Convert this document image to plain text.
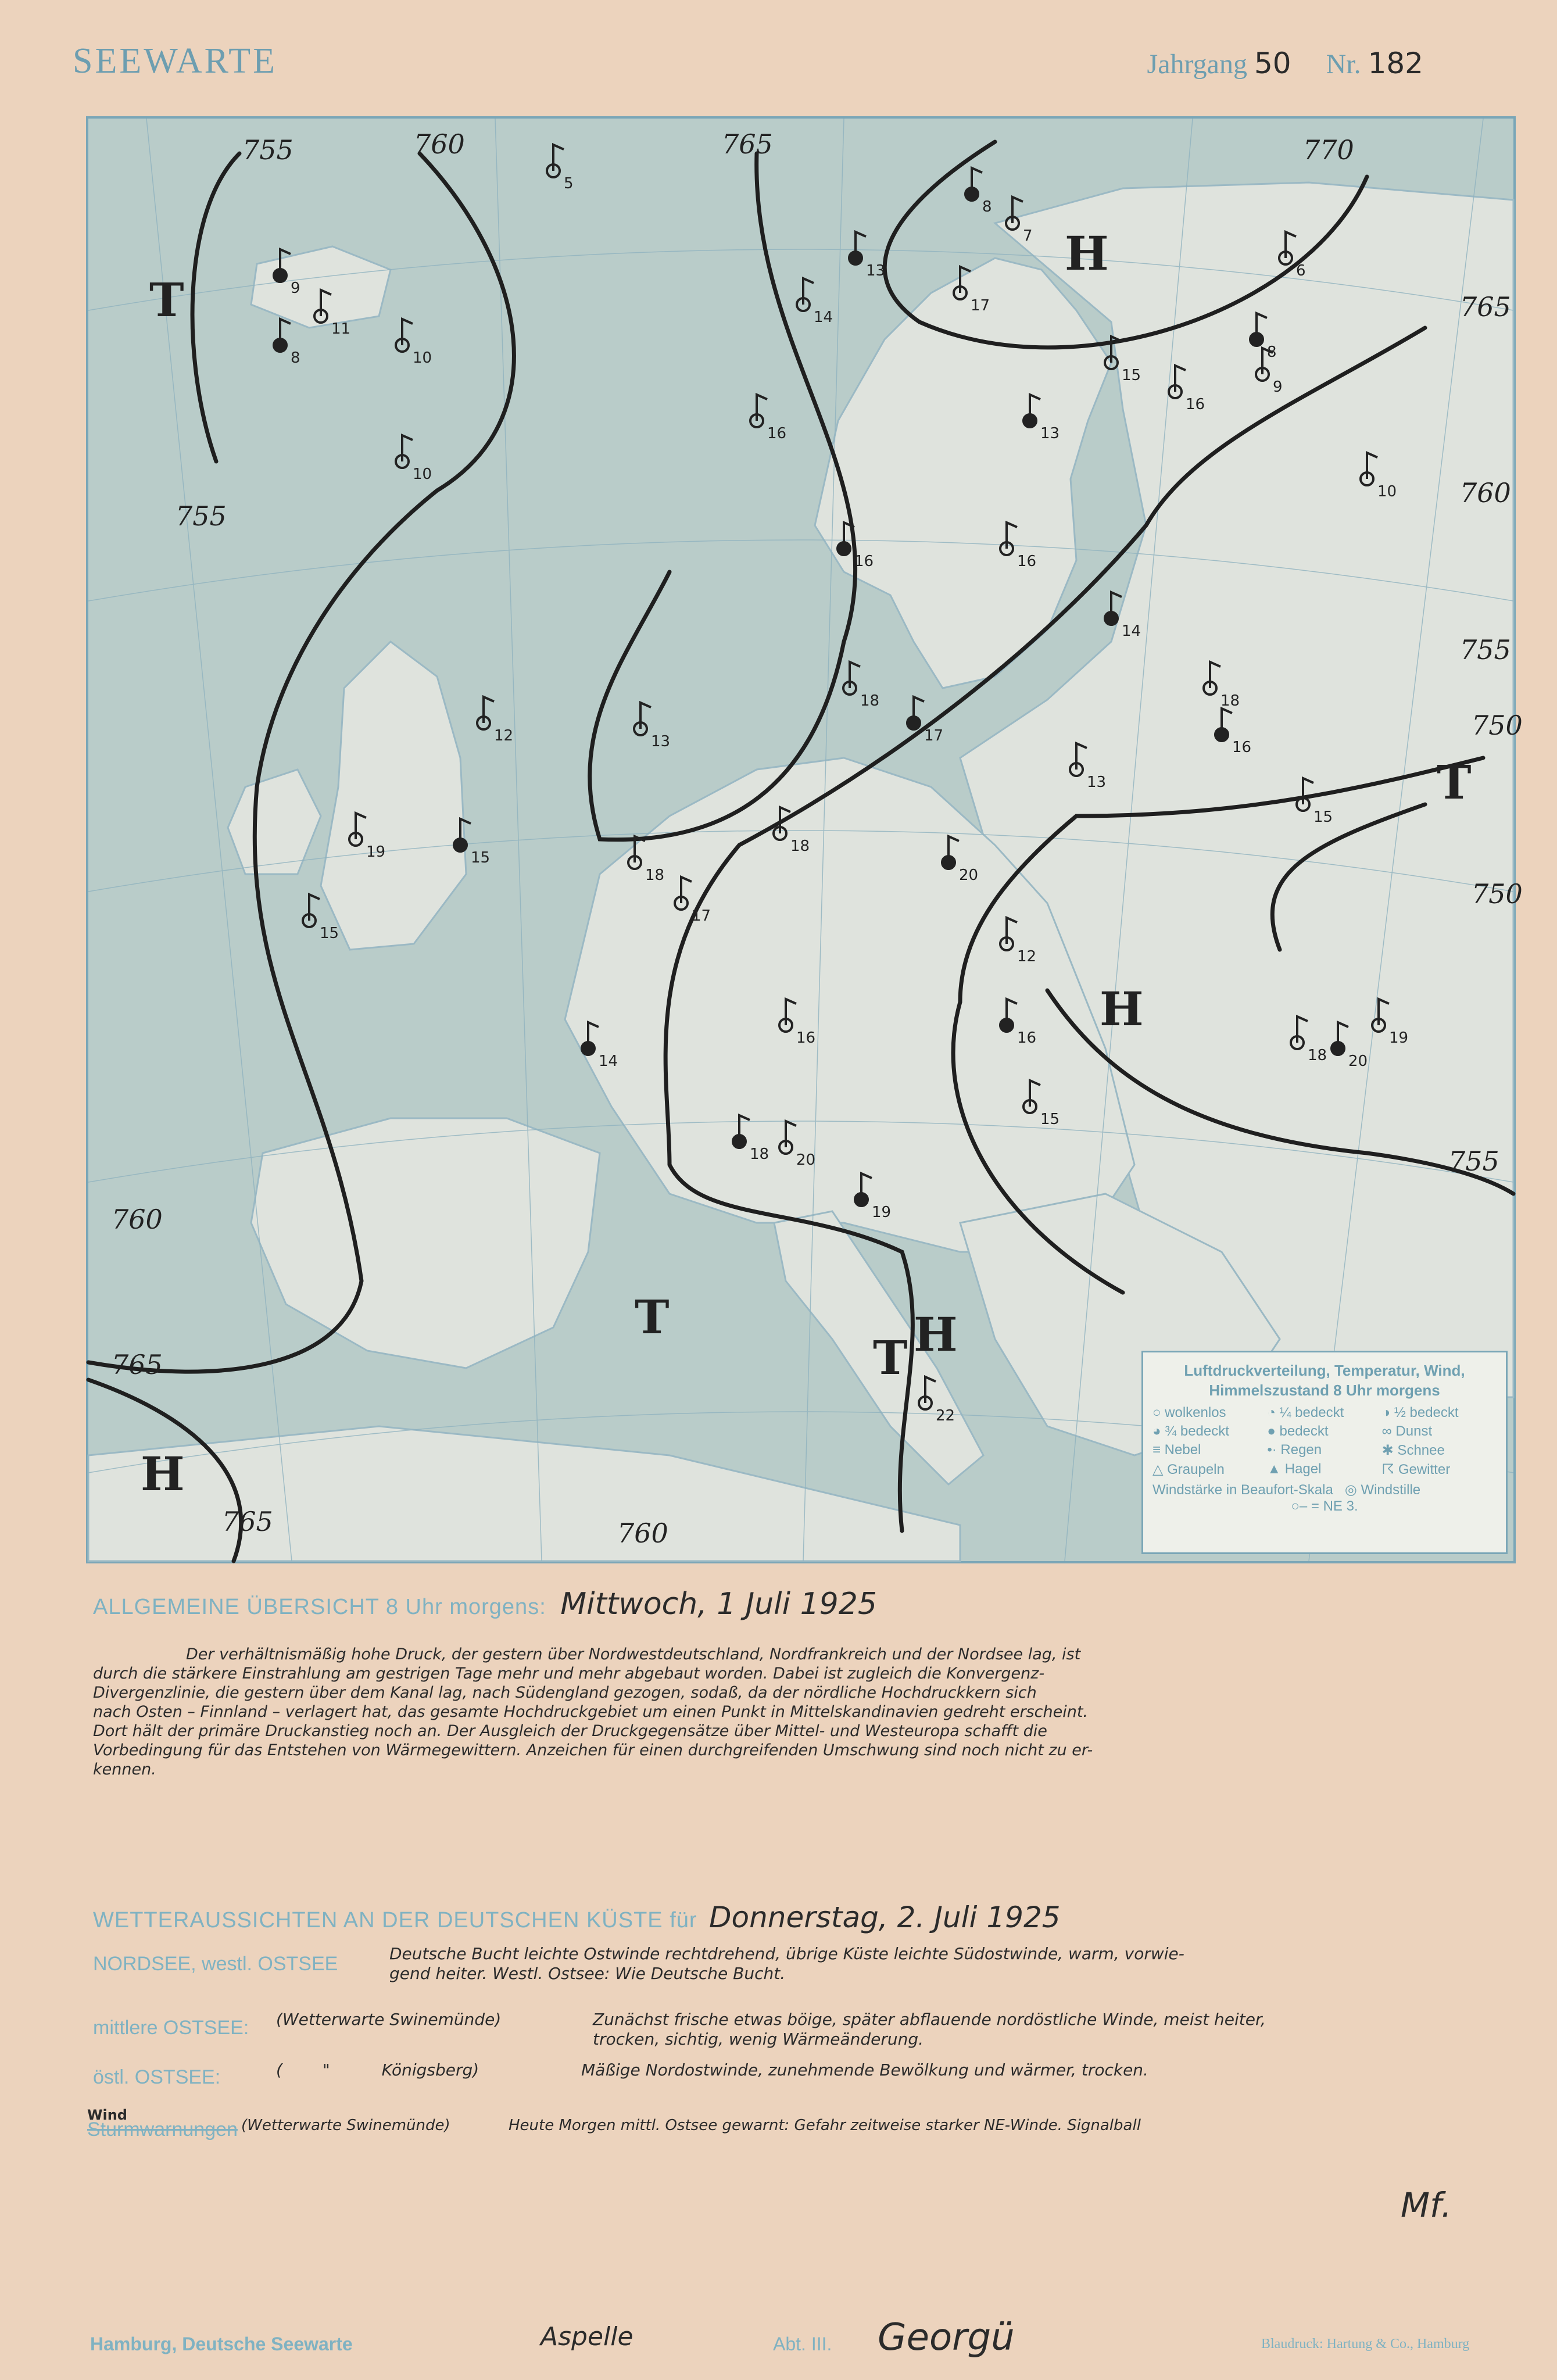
SEEWARTE	Jahrgang 50 Nr. 182
755	760	765	770
765
760
755
750
750
755
760
765
765	760
755
T
H
T
H
T
T
H
H
9
11
10
8
5
10
13
14
16
16
18
18
17
16
17
13
15
16
14
13
18
20
12
16
18
17
18
15
19
15
14
12	13
16
15
20
19
22
18
16
15
19
20
10
9
8
6
7
8
Luftdruckverteilung, Temperatur, Wind,
Himmelszustand 8 Uhr morgens
○ wolkenlos	◔ ¼ bedeckt	◑ ½ bedeckt
◕ ¾ bedeckt	● bedeckt	∞ Dunst
≡ Nebel	•· Regen	✱ Schnee
△ Graupeln	▲ Hagel	☈ Gewitter
Windstärke in Beaufort-Skala ◎ Windstille
○‒ = NE 3.
ALLGEMEINE ÜBERSICHT 8 Uhr morgens: Mittwoch, 1 Juli 1925
Der verhältnismäßig hohe Druck, der gestern über Nordwestdeutschland, Nordfrankreich und der Nordsee lag, ist
durch die stärkere Einstrahlung am gestrigen Tage mehr und mehr abgebaut worden. Dabei ist zugleich die Konvergenz-
Divergenzlinie, die gestern über dem Kanal lag, nach Südengland gezogen, sodaß, da der nördliche Hochdruckkern sich
nach Osten – Finnland – verlagert hat, das gesamte Hochdruckgebiet um einen Punkt in Mittelskandinavien gedreht erscheint.
Dort hält der primäre Druckanstieg noch an. Der Ausgleich der Druckgegensätze über Mittel- und Westeuropa schafft die
Vorbedingung für das Entstehen von Wärmegewittern. Anzeichen für einen durchgreifenden Umschwung sind noch nicht zu er-
kennen.
WETTERAUSSICHTEN AN DER DEUTSCHEN KÜSTE für Donnerstag, 2. Juli 1925
NORDSEE, westl. OSTSEE	Deutsche Bucht leichte Ostwinde rechtdrehend, übrige Küste leichte Südostwinde, warm, vorwie-
gend heiter. Westl. Ostsee: Wie Deutsche Bucht.
mittlere OSTSEE: (Wetterwarte Swinemünde)	Zunächst frische etwas böige, später abflauende nordöstliche Winde, meist heiter,
trocken, sichtig, wenig Wärmeänderung.
östl. OSTSEE:	( "	Königsberg)	Mäßige Nordostwinde, zunehmende Bewölkung und wärmer, trocken.
Wind
Sturmwarnungen (Wetterwarte Swinemünde)	Heute Morgen mittl. Ostsee gewarnt: Gefahr zeitweise starker NE-Winde. Signalball
Mf.
Hamburg, Deutsche Seewarte	Aspelle	Abt. III. Georgü	Blaudruck: Hartung & Co., Hamburg
